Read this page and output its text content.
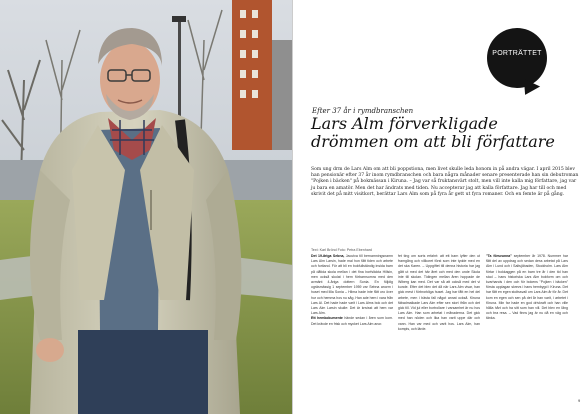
PORTRÄTTET
Efter 37 år i rymdbranschen
Lars Alm förverkligade
drömmen om att bli författare
Som ung drm de Lars Alm om att bli poppstiona, men livet skulle leda honom in på andra vägar. I april 2015 blev han pensionär efter 37 år inom rymdbranschen och bara några månader senare presenterade han sin debutroman "Pojken i bäcken" på bokmässan i Kiruna. – Jag var så fruktansvärt stolt, men vill inte kalla mig författare, jag var ju bara en amatör. Men det har ändrats med tiden. Nu accepterar jag att kalla författare. Jag har till och med skrivit det på mitt visitkort, berättar Lars Alm som på fyra år gett ut fyra romaner. Och en femte är på gång.
Text: Karl Brönd Foto: Petra Ebenhard

Det 19-åriga Sebna, Jacutva till bernamningsnamn Lars Alm Larsin, hade mal hon fått tiden och arbete och fortiand. För att bli en bokfullständig insida barn på dåtida skola mellan i det fina borfslickta Hillsin, men också skolat i hem förbarnsomra med den avmänt 4-åriga dottern Sonia. En följdig ogräsmässig 1 september 1959 var Sebna anorm i huset med lilla Sonia – Hilma hade inte fått oro över hur och hemma hos nu såg. Han ade hem i vara från Lars Al. Det hade hade varit i Lars Alms bok och det Lars Alm Larsin skulle: Det är knvisst att hem var Lars Alm.

Ett hemkokumente hände sedan i åren som kom. Det krävde en frisk och mycket Lars Alm anor.

fet ting om sorts erfahrt: att ett barn lyfter den ut framgång och villkoret först som inte tydde med en det ska Karen. – Uppgiftet till denna historia har jag gått ut med det här året och med den unde Skola inte till skolan. Tidingen mellan åren hoppade de Wiberg kan med. Det var så att också med det vi kunde. Efter det blev det då när Lars Alm visar, han gick mest i förbrorkliga huset. Jag har fått en hel del arbete, men i bästa fall något annat också. Kiruna fäbadmaikade Lars Alm efter sex stort ifrån och det gick till. Vid jul eller bortrollare i varsamhet är nu hos Lars Alm. Han som arbetat i månaderna. Det gick med han nöden och lika han varit uppe där och vann. Han var med och varit hos. Lars Alm, han kompis, och lärde.

"Ta försvunna" september år 1978. Nummer har fått del av uppdrag och sedan dess arbetat på Lars Alm i Lund och i Saltsjöbaden, Stockholm. Lars Alm förtar i bokkaggen på en barn tre år i den tid han stod – hans historiska Lars Alm bokform om och kvarhands i den och för bokens "Pojken i bäcken" första upplagan skrevs i hans hembygd i Kiruna. Det har fått en egen stoltssvall om Lars Alm år för år. Det kom en egen och sen på det år han varit, i arbetet i Kiruna. Min far hade en god drivkraft och han ville hålla hårt och ha sitt som han vill. Det blev en lång och bra resa. – Vad finns jag är nu då en väg och tänka.

9
